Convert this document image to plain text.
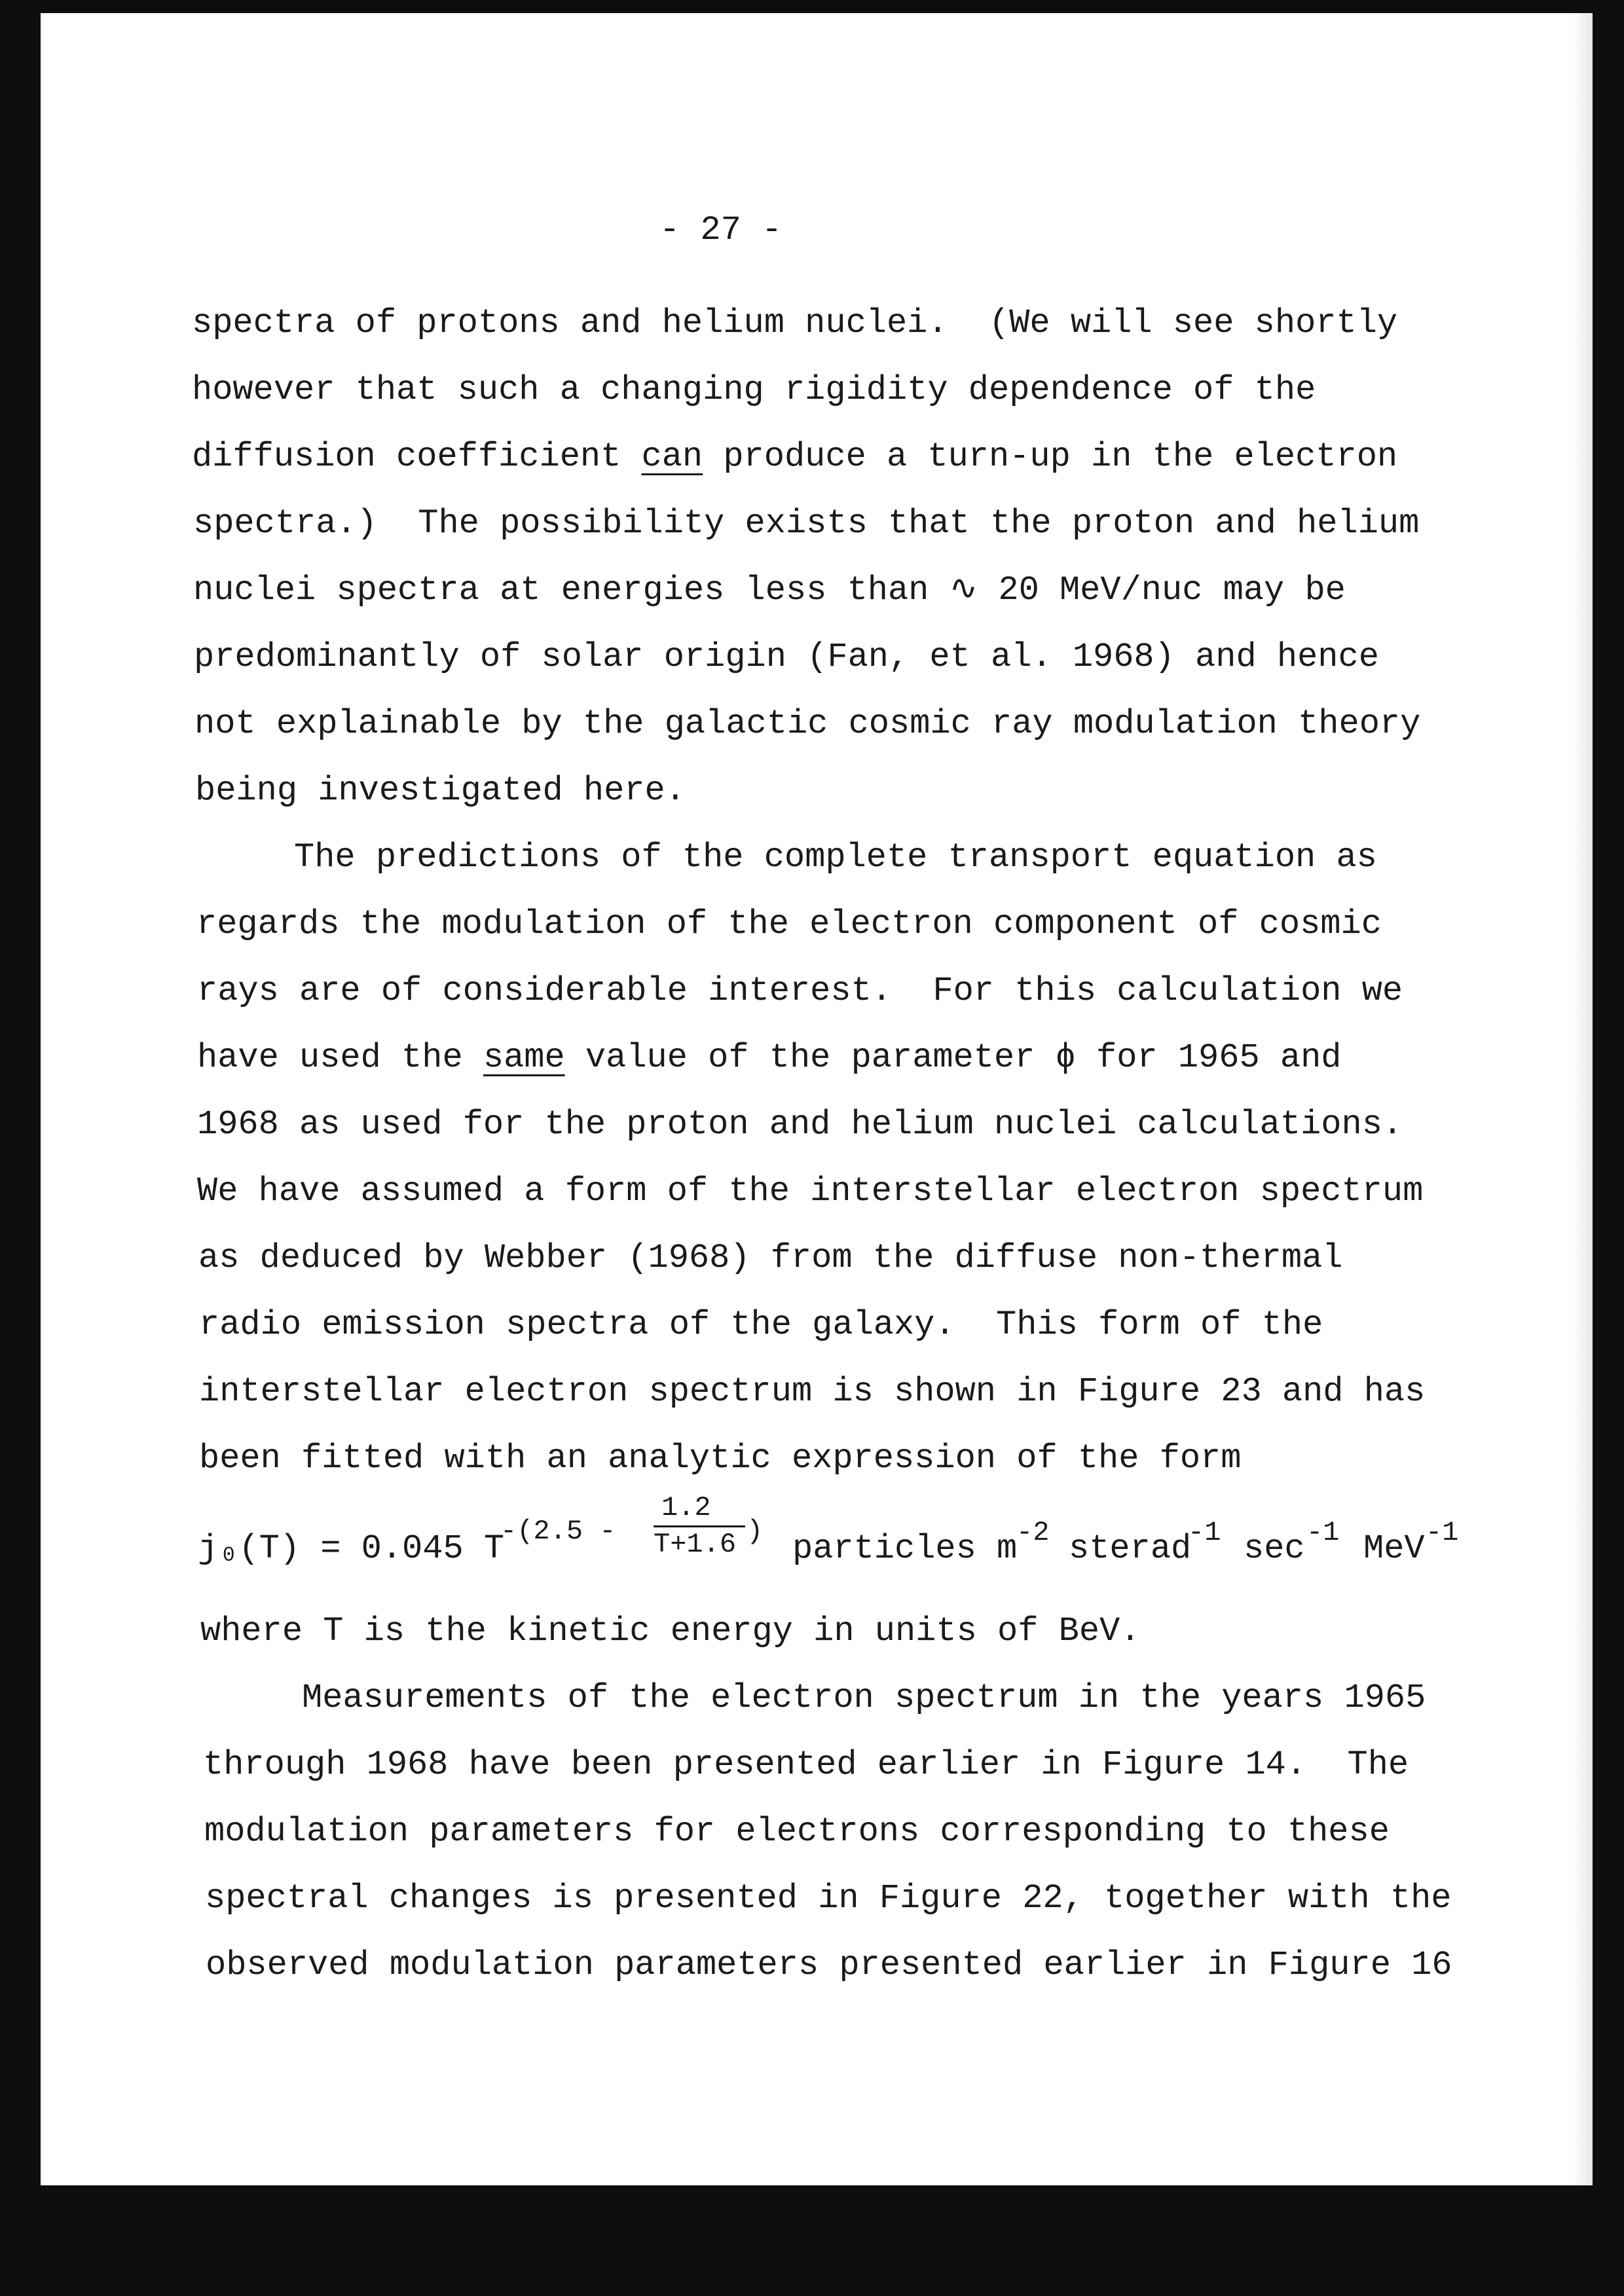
- 27 -
spectra of protons and helium nuclei.  (We will see shortly
however that such a changing rigidity dependence of the
diffusion coefficient can produce a turn-up in the electron
spectra.)  The possibility exists that the proton and helium
nuclei spectra at energies less than ∿ 20 MeV/nuc may be
predominantly of solar origin (Fan, et al. 1968) and hence
not explainable by the galactic cosmic ray modulation theory
being investigated here.
The predictions of the complete transport equation as
regards the modulation of the electron component of cosmic
rays are of considerable interest.  For this calculation we
have used the same value of the parameter ϕ for 1965 and
1968 as used for the proton and helium nuclei calculations.
We have assumed a form of the interstellar electron spectrum
as deduced by Webber (1968) from the diffuse non-thermal
radio emission spectra of the galaxy.  This form of the
interstellar electron spectrum is shown in Figure 23 and has
been fitted with an analytic expression of the form

j₀(T) = 0.045 T

-(2.5 -

1.2

T+1.6

)

particles m

-2

sterad

-1

sec

-1

MeV

-1

where T is the kinetic energy in units of BeV.
Measurements of the electron spectrum in the years 1965
through 1968 have been presented earlier in Figure 14.  The
modulation parameters for electrons corresponding to these
spectral changes is presented in Figure 22, together with the
observed modulation parameters presented earlier in Figure 16
